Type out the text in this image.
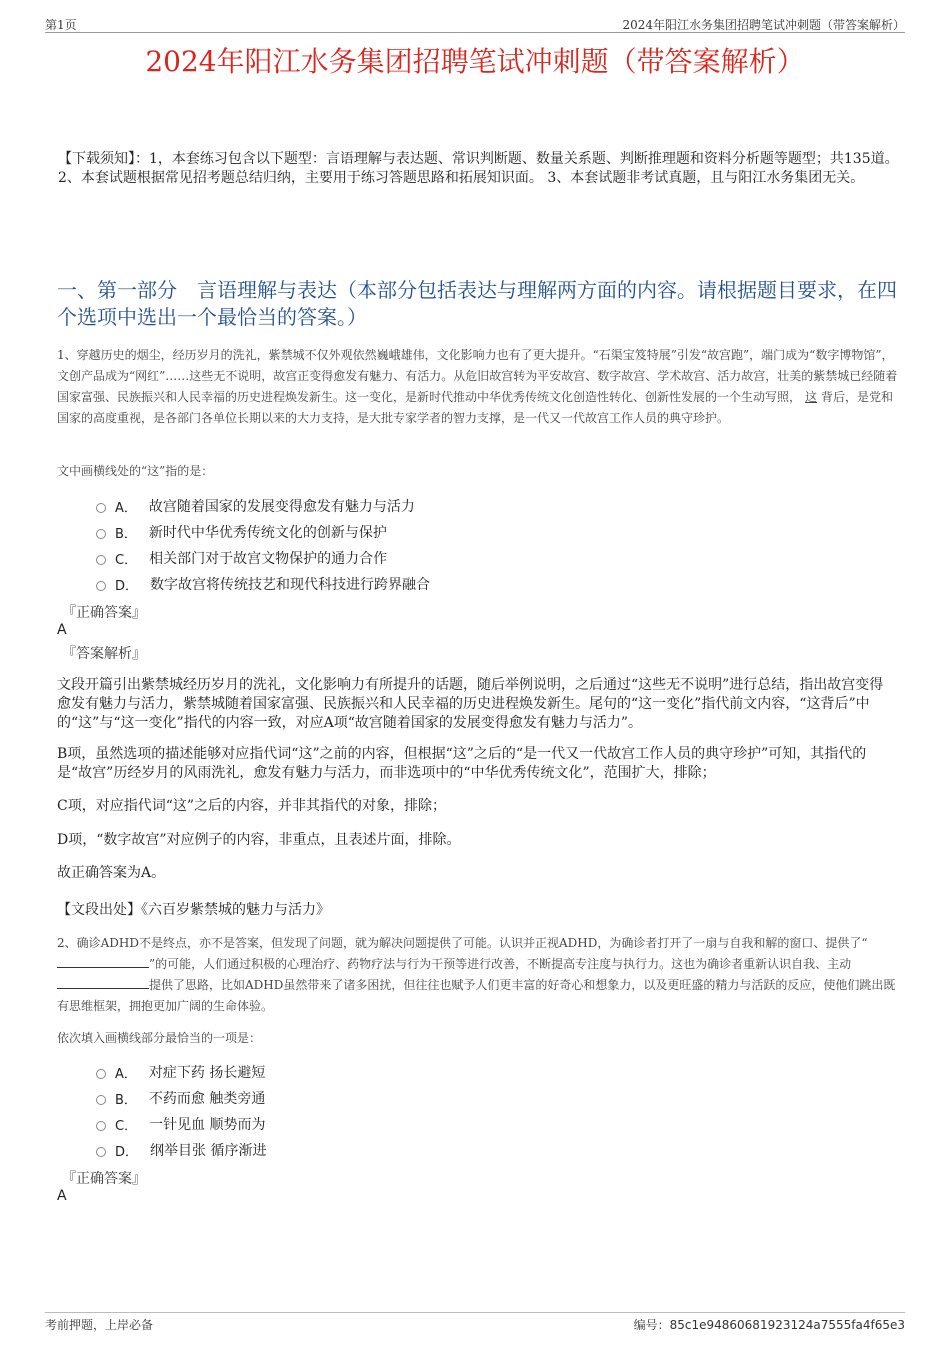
第1页	2024年阳江水务集团招聘笔试冲刺题（带答案解析）
2024年阳江水务集团招聘笔试冲刺题（带答案解析）
【下载须知】：1，本套练习包含以下题型：言语理解与表达题、常识判断题、数量关系题、判断推理题和资料分析题等题型；共135道。 2、本套试题根据常见招考题总结归纳，主要用于练习答题思路和拓展知识面。 3、本套试题非考试真题，且与阳江水务集团无关。
一、第一部分　言语理解与表达（本部分包括表达与理解两方面的内容。请根据题目要求，在四个选项中选出一个最恰当的答案。）
1、穿越历史的烟尘，经历岁月的洗礼，紫禁城不仅外观依然巍峨雄伟，文化影响力也有了更大提升。“石渠宝笈特展”引发“故宫跑”，端门成为“数字博物馆”，文创产品成为“网红”……这些无不说明，故宫正变得愈发有魅力、有活力。从危旧故宫转为平安故宫、数字故宫、学术故宫、活力故宫，壮美的紫禁城已经随着国家富强、民族振兴和人民幸福的历史进程焕发新生。这一变化，是新时代推动中华优秀传统文化创造性转化、创新性发展的一个生动写照， 这 背后，是党和国家的高度重视，是各部门各单位长期以来的大力支持，是大批专家学者的智力支撑，是一代又一代故宫工作人员的典守珍护。
文中画横线处的“这”指的是：
A． 故宫随着国家的发展变得愈发有魅力与活力
B． 新时代中华优秀传统文化的创新与保护
C． 相关部门对于故宫文物保护的通力合作
D． 数字故宫将传统技艺和现代科技进行跨界融合
『正确答案』
A
『答案解析』
文段开篇引出紫禁城经历岁月的洗礼，文化影响力有所提升的话题，随后举例说明，之后通过“这些无不说明”进行总结，指出故宫变得愈发有魅力与活力，紫禁城随着国家富强、民族振兴和人民幸福的历史进程焕发新生。尾句的“这一变化”指代前文内容，“这背后”中的“这”与“这一变化”指代的内容一致，对应A项“故宫随着国家的发展变得愈发有魅力与活力”。
B项，虽然选项的描述能够对应指代词“这”之前的内容，但根据“这”之后的“是一代又一代故宫工作人员的典守珍护”可知，其指代的是“故宫”历经岁月的风雨洗礼，愈发有魅力与活力，而非选项中的“中华优秀传统文化”，范围扩大，排除；
C项，对应指代词“这”之后的内容，并非其指代的对象，排除；
D项，“数字故宫”对应例子的内容，非重点，且表述片面，排除。
故正确答案为A。
【文段出处】《六百岁紫禁城的魅力与活力》
2、确诊ADHD不是终点，亦不是答案，但发现了问题，就为解决问题提供了可能。认识并正视ADHD，为确诊者打开了一扇与自我和解的窗口、提供了“”的可能，人们通过积极的心理治疗、药物疗法与行为干预等进行改善，不断提高专注度与执行力。这也为确诊者重新认识自我、主动提供了思路，比如ADHD虽然带来了诸多困扰，但往往也赋予人们更丰富的好奇心和想象力，以及更旺盛的精力与活跃的反应，使他们跳出既有思维框架，拥抱更加广阔的生命体验。
依次填入画横线部分最恰当的一项是：
A． 对症下药 扬长避短
B． 不药而愈 触类旁通
C． 一针见血 顺势而为
D． 纲举目张 循序渐进
『正确答案』
A
考前押题，上岸必备	编号：85c1e94860681923124a7555fa4f65e3
